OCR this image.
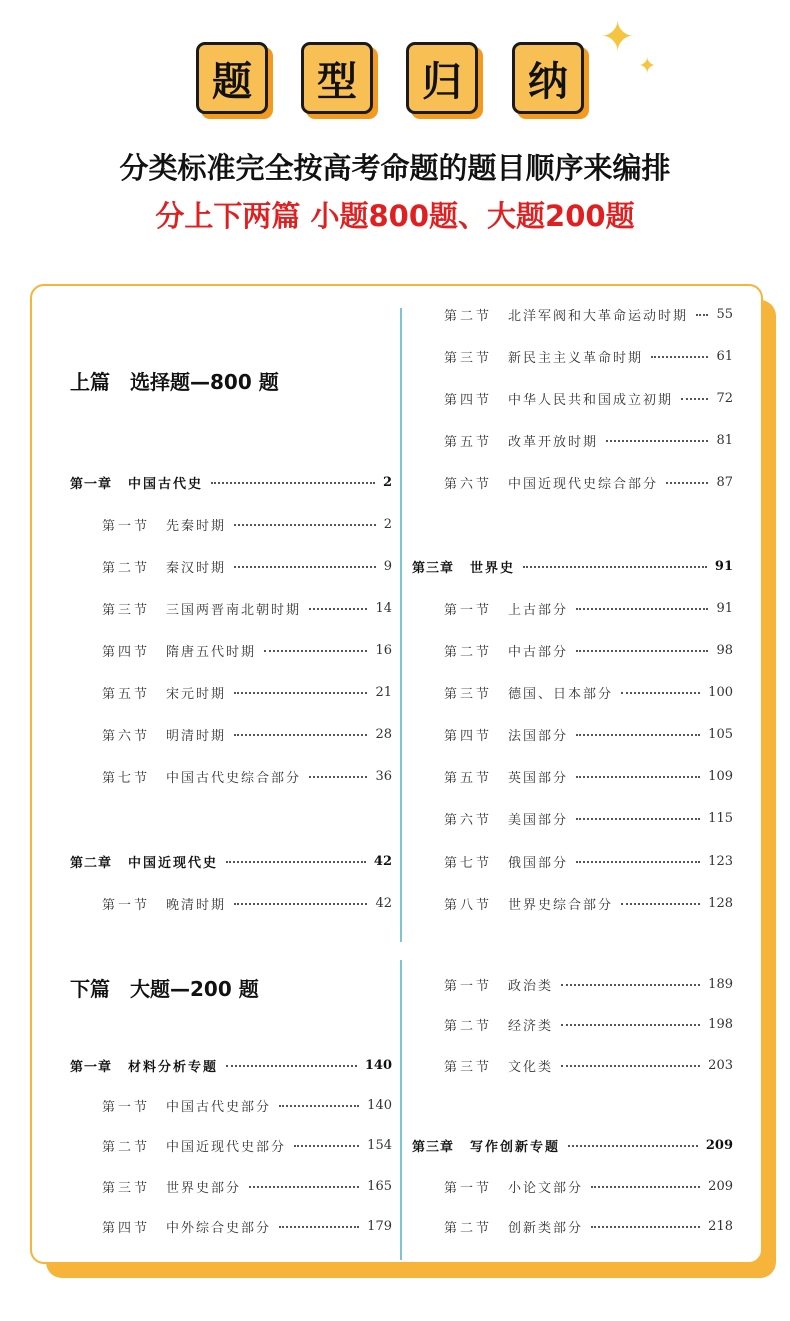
题	型	归	纳
✦
✦
分类标准完全按高考命题的题目顺序来编排
分上下两篇 小题800题、大题200题
上篇　选择题—800 题
第一章 中国古代史	2
第一节 先秦时期	2
第二节 秦汉时期	9
第三节 三国两晋南北朝时期	14
第四节 隋唐五代时期	16
第五节 宋元时期	21
第六节 明清时期	28
第七节 中国古代史综合部分	36
第二章 中国近现代史	42
第一节 晚清时期	42
第二节 北洋军阀和大革命运动时期 55
第三节 新民主主义革命时期	61
第四节 中华人民共和国成立初期	72
第五节 改革开放时期	81
第六节 中国近现代史综合部分	87
第三章 世界史	91
第一节 上古部分	91
第二节 中古部分	98
第三节 德国、日本部分	100
第四节 法国部分	105
第五节 英国部分	109
第六节 美国部分	115
第七节 俄国部分	123
第八节 世界史综合部分	128
下篇　大题—200 题
第一章 材料分析专题	140
第一节 中国古代史部分	140
第二节 中国近现代史部分	154
第三节 世界史部分	165
第四节 中外综合史部分	179
第一节 政治类	189
第二节 经济类	198
第三节 文化类	203
第三章 写作创新专题	209
第一节 小论文部分	209
第二节 创新类部分	218
